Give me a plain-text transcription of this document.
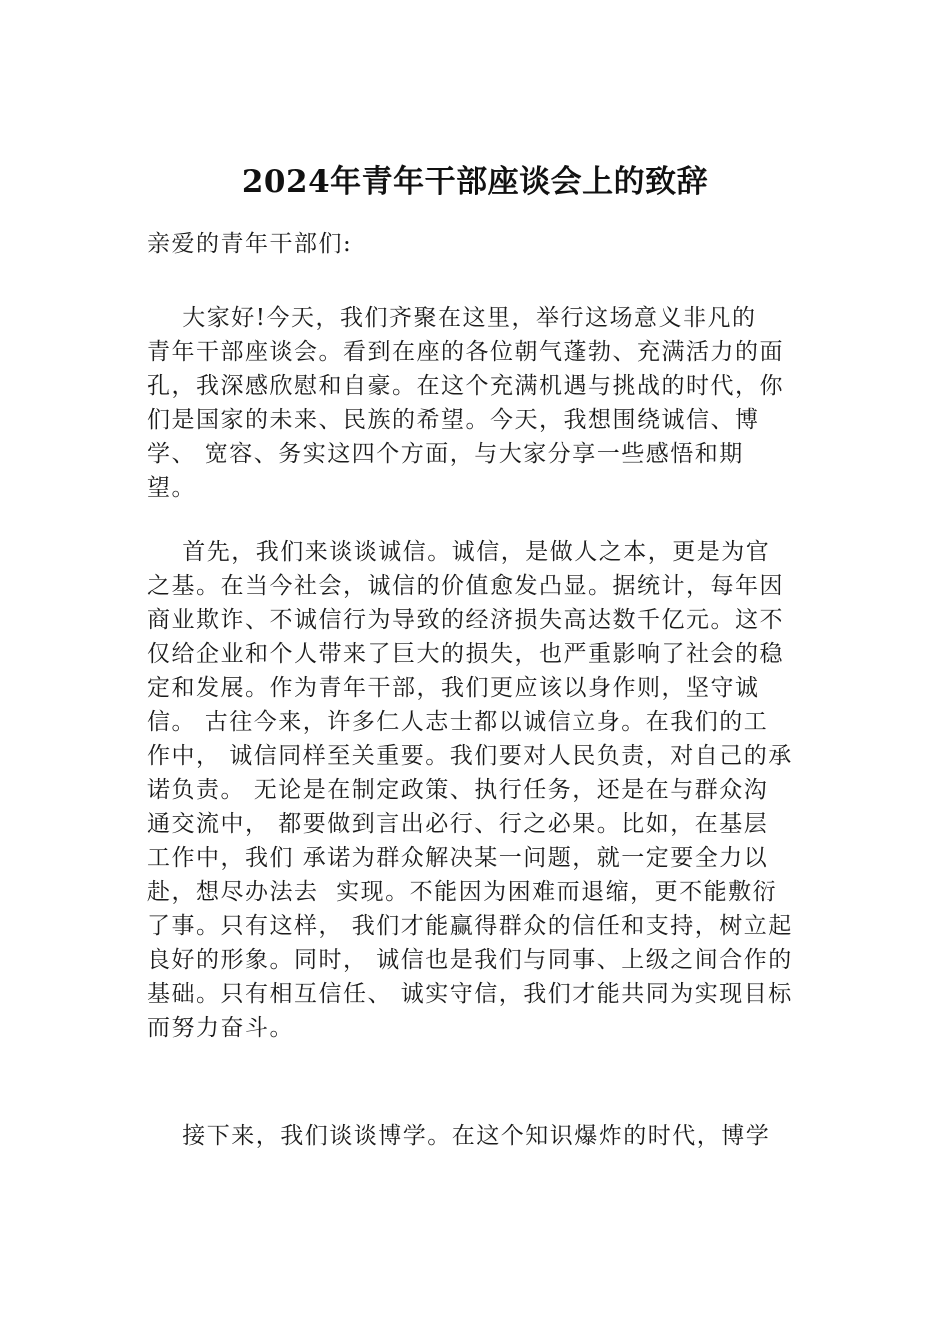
2024年青年干部座谈会上的致辞
亲爱的青年干部们:
大家好!今天，我们齐聚在这里，举行这场意义非凡的
青年干部座谈会。看到在座的各位朝气蓬勃、充满活力的面
孔，我深感欣慰和自豪。在这个充满机遇与挑战的时代，你
们是国家的未来、民族的希望。今天，我想围绕诚信、博
学、 宽容、务实这四个方面，与大家分享一些感悟和期
望。
首先，我们来谈谈诚信。诚信，是做人之本，更是为官
之基。在当今社会，诚信的价值愈发凸显。据统计，每年因
商业欺诈、不诚信行为导致的经济损失高达数千亿元。这不
仅给企业和个人带来了巨大的损失，也严重影响了社会的稳
定和发展。作为青年干部，我们更应该以身作则，坚守诚
信。 古往今来，许多仁人志士都以诚信立身。在我们的工
作中， 诚信同样至关重要。我们要对人民负责，对自己的承
诺负责。 无论是在制定政策、执行任务，还是在与群众沟
通交流中， 都要做到言出必行、行之必果。比如，在基层
工作中，我们 承诺为群众解决某一问题，就一定要全力以
赴，想尽办法去  实现。不能因为困难而退缩，更不能敷衍
了事。只有这样， 我们才能赢得群众的信任和支持，树立起
良好的形象。同时， 诚信也是我们与同事、上级之间合作的
基础。只有相互信任、 诚实守信，我们才能共同为实现目标
而努力奋斗。
接下来，我们谈谈博学。在这个知识爆炸的时代，博学
